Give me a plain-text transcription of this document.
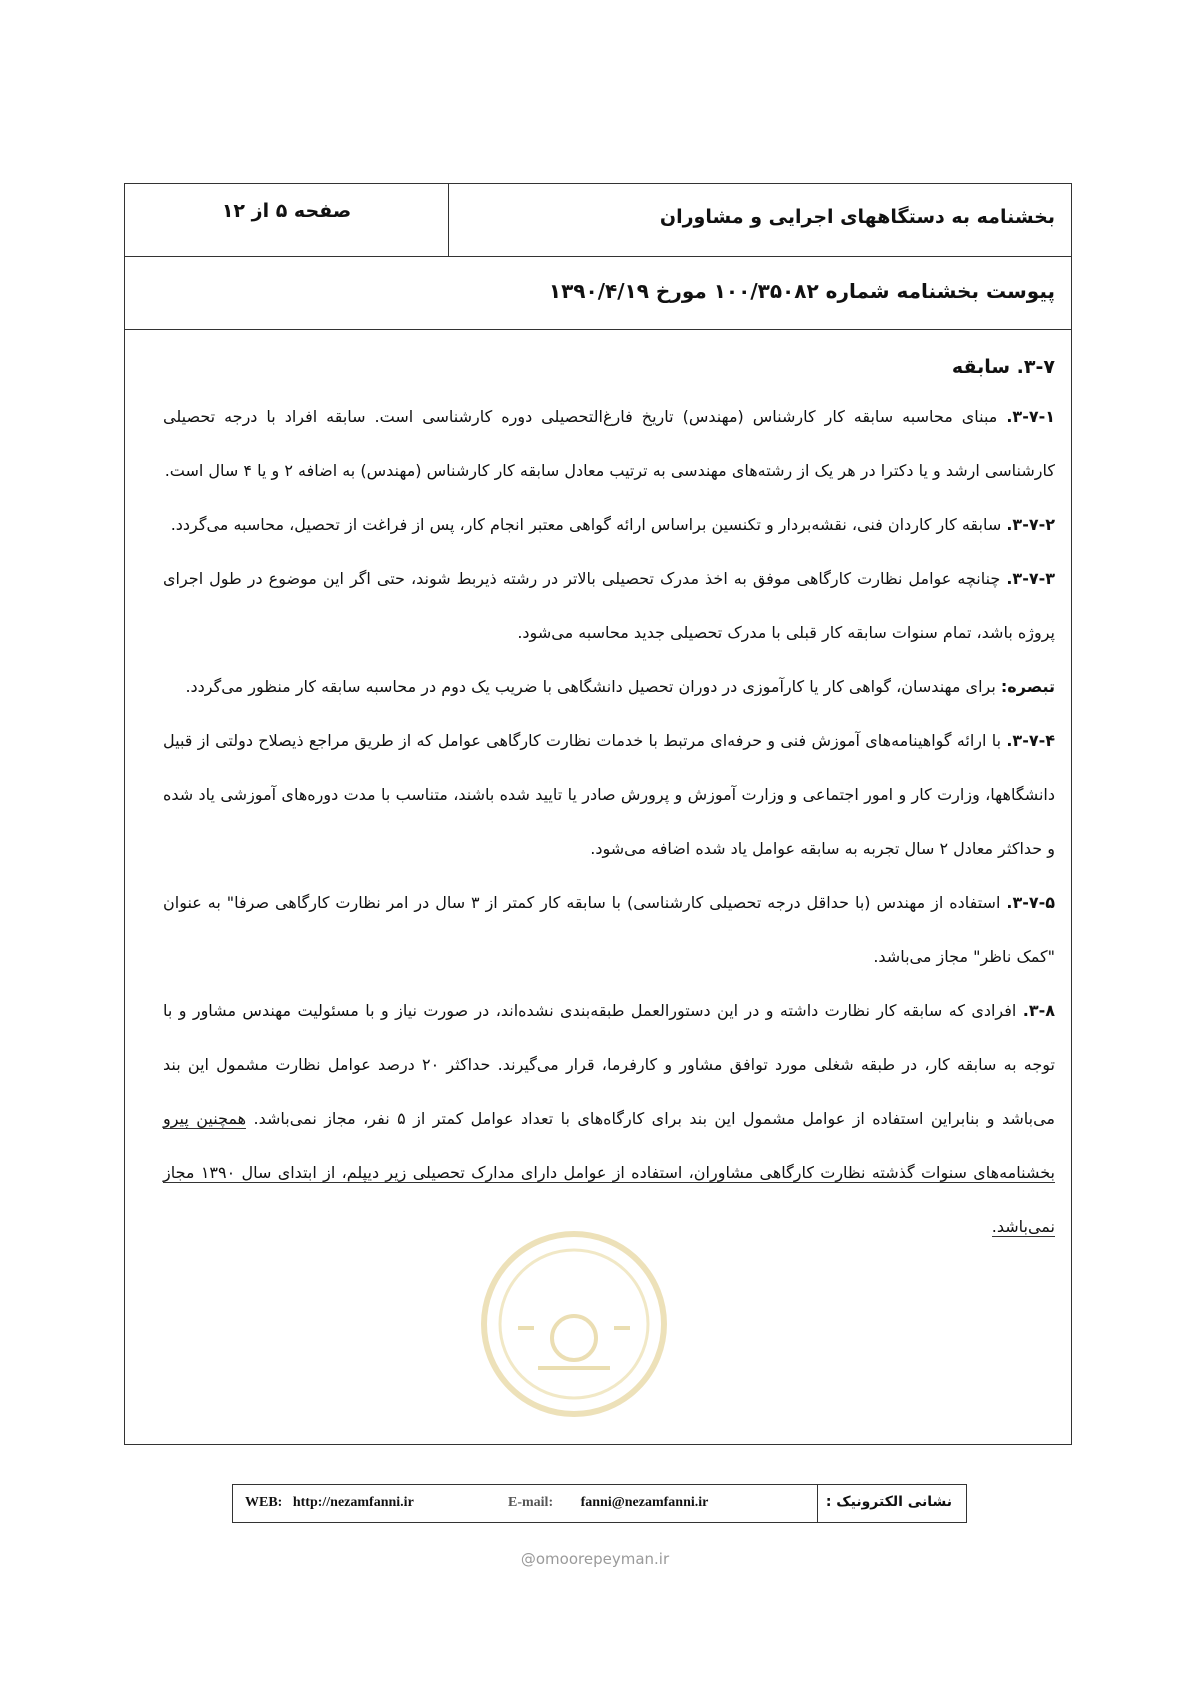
بخشنامه به دستگاههای اجرایی و مشاوران
صفحه ۵ از ۱۲
پیوست بخشنامه شماره ۱۰۰/۳۵۰۸۲ مورخ ۱۳۹۰/۴/۱۹
۳-۷. سابقه

۳-۷-۱. مبنای محاسبه سابقه کار کارشناس (مهندس) تاریخ فارغ‌التحصیلی دوره کارشناسی است. سابقه افراد با درجه تحصیلی کارشناسی ارشد و یا دکترا در هر یک از رشته‌های مهندسی به ترتیب معادل سابقه کار کارشناس (مهندس) به اضافه ۲ و یا ۴ سال است.

۳-۷-۲. سابقه کار کاردان فنی، نقشه‌بردار و تکنسین براساس ارائه گواهی معتبر انجام کار، پس از فراغت از تحصیل، محاسبه می‌گردد.

۳-۷-۳. چنانچه عوامل نظارت کارگاهی موفق به اخذ مدرک تحصیلی بالاتر در رشته ذیربط شوند، حتی اگر این موضوع در طول اجرای پروژه باشد، تمام سنوات سابقه کار قبلی با مدرک تحصیلی جدید محاسبه می‌شود.

تبصره: برای مهندسان، گواهی کار یا کارآموزی در دوران تحصیل دانشگاهی با ضریب یک دوم در محاسبه سابقه کار منظور می‌گردد.

۳-۷-۴. با ارائه گواهینامه‌های آموزش فنی و حرفه‌ای مرتبط با خدمات نظارت کارگاهی عوامل که از طریق مراجع ذیصلاح دولتی از قبیل دانشگاهها، وزارت کار و امور اجتماعی و وزارت آموزش و پرورش صادر یا تایید شده باشند، متناسب با مدت دوره‌های آموزشی یاد شده و حداکثر معادل ۲ سال تجربه به سابقه عوامل یاد شده اضافه می‌شود.

۳-۷-۵. استفاده از مهندس (با حداقل درجه تحصیلی کارشناسی) با سابقه کار کمتر از ۳ سال در امر نظارت کارگاهی صرفا" به عنوان "کمک ناظر" مجاز می‌باشد.

۳-۸. افرادی که سابقه کار نظارت داشته و در این دستورالعمل طبقه‌بندی نشده‌اند، در صورت نیاز و با مسئولیت مهندس مشاور و با توجه به سابقه کار، در طبقه شغلی مورد توافق مشاور و کارفرما، قرار می‌گیرند. حداکثر ۲۰ درصد عوامل نظارت مشمول این بند می‌باشد و بنابراین استفاده از عوامل مشمول این بند برای کارگاه‌های با تعداد عوامل کمتر از ۵ نفر، مجاز نمی‌باشد. همچنین پیرو بخشنامه‌های سنوات گذشته نظارت کارگاهی مشاوران، استفاده از عوامل دارای مدارک تحصیلی زیر دیپلم، از ابتدای سال ۱۳۹۰ مجاز نمی‌باشد.

WEB: http://nezamfanni.ir	E-mail: fanni@nezamfanni.ir	نشانی الکترونیک :
@omoorepeyman.ir
